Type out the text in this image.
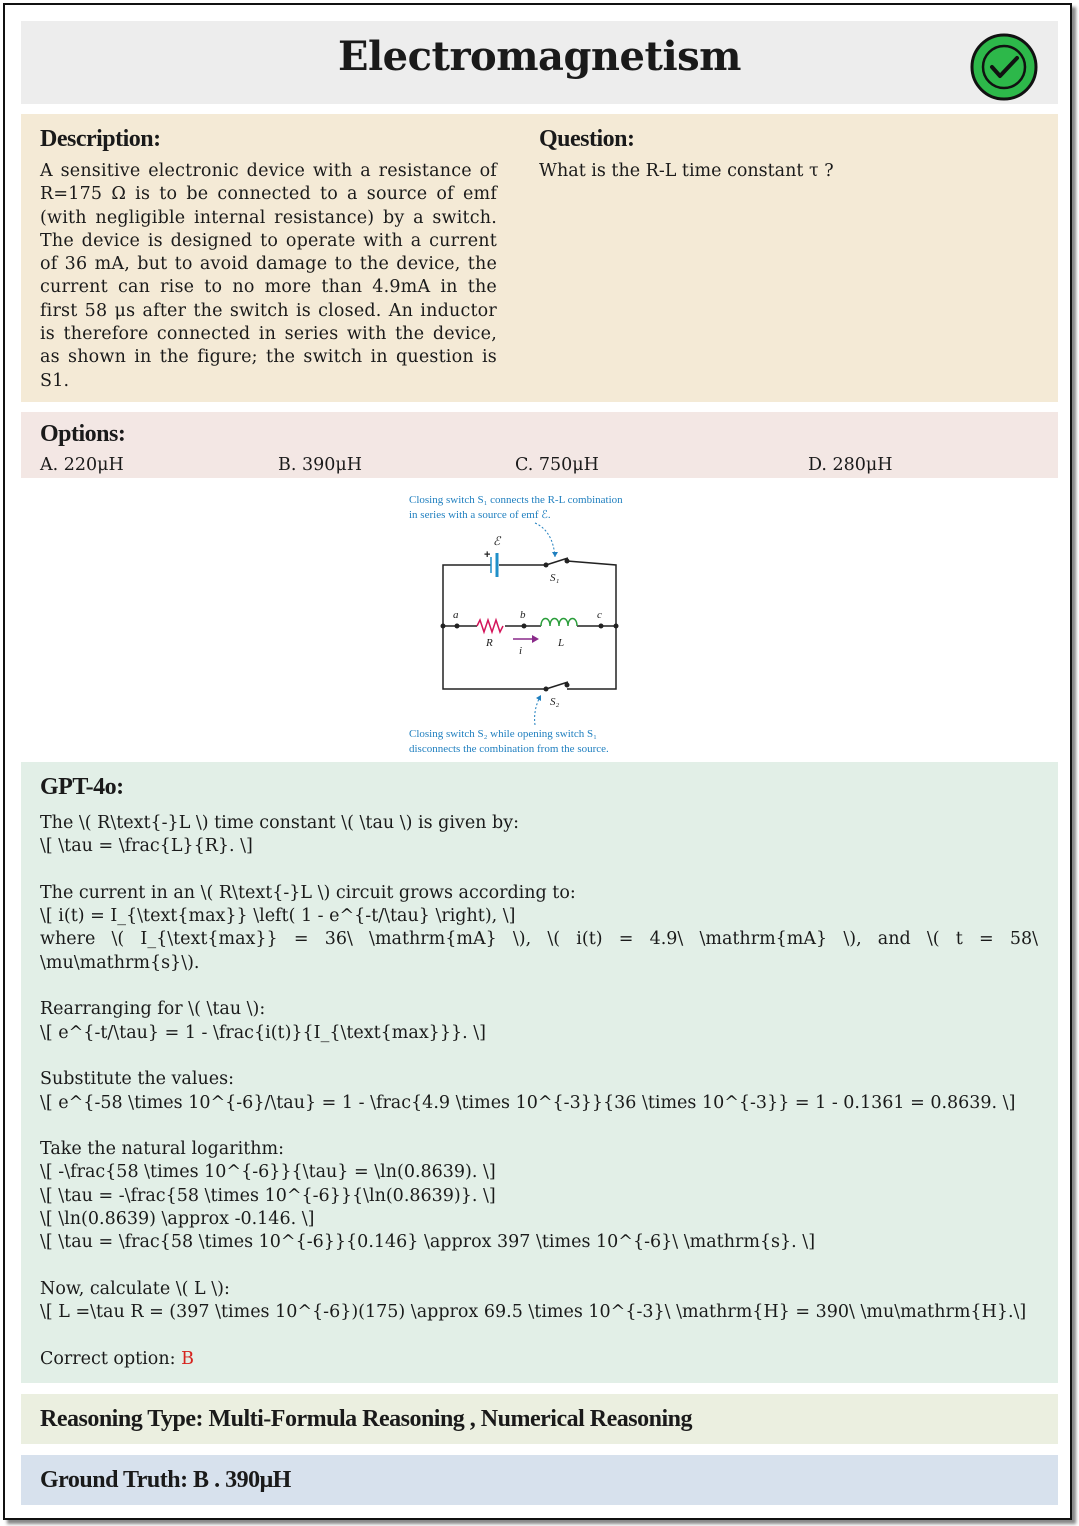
Electromagnetism
Description:
A sensitive electronic device with a resistance of R=175 Ω is to be connected to a source of emf (with negligible internal resistance) by a switch. The device is designed to operate with a current of 36 mA, but to avoid damage to the device, the current can rise to no more than 4.9mA in the first 58 μs after the switch is closed. An inductor is therefore connected in series with the device, as shown in the figure; the switch in question is S1.
Question:
What is the R-L time constant τ ?
Options:
A. 220μH	B. 390μH	C. 750μH	D. 280μH
Closing switch S₁ connects the R-L combination
in series with a source of emf ℰ.
Closing switch S₂ while opening switch S₁
disconnects the combination from the source.
+
ℰ
S₁
S₂
a	b	c
R	L
i
GPT-4o:

The \( R\text{-}L \) time constant \( \tau \) is given by:
\[ \tau = \frac{L}{R}. \]

The current in an \( R\text{-}L \) circuit grows according to:
\[ i(t) = I_{\text{max}} \left( 1 - e^{-t/\tau} \right), \]
where \( I_{\text{max}} = 36\ \mathrm{mA} \), \( i(t) = 4.9\ \mathrm{mA} \), and \( t = 58\
\mu\mathrm{s}\).

Rearranging for \( \tau \):
\[ e^{-t/\tau} = 1 - \frac{i(t)}{I_{\text{max}}}. \]

Substitute the values:
\[ e^{-58 \times 10^{-6}/\tau} = 1 - \frac{4.9 \times 10^{-3}}{36 \times 10^{-3}} = 1 - 0.1361 = 0.8639. \]

Take the natural logarithm:
\[ -\frac{58 \times 10^{-6}}{\tau} = \ln(0.8639). \]
\[ \tau = -\frac{58 \times 10^{-6}}{\ln(0.8639)}. \]
\[ \ln(0.8639) \approx -0.146. \]
\[ \tau = \frac{58 \times 10^{-6}}{0.146} \approx 397 \times 10^{-6}\ \mathrm{s}. \]

Now, calculate \( L \):
\[ L =\tau R = (397 \times 10^{-6})(175) \approx 69.5 \times 10^{-3}\ \mathrm{H} = 390\ \mu\mathrm{H}.\]

Correct option: B

Reasoning Type: Multi-Formula Reasoning , Numerical Reasoning
Ground Truth: B . 390μH
